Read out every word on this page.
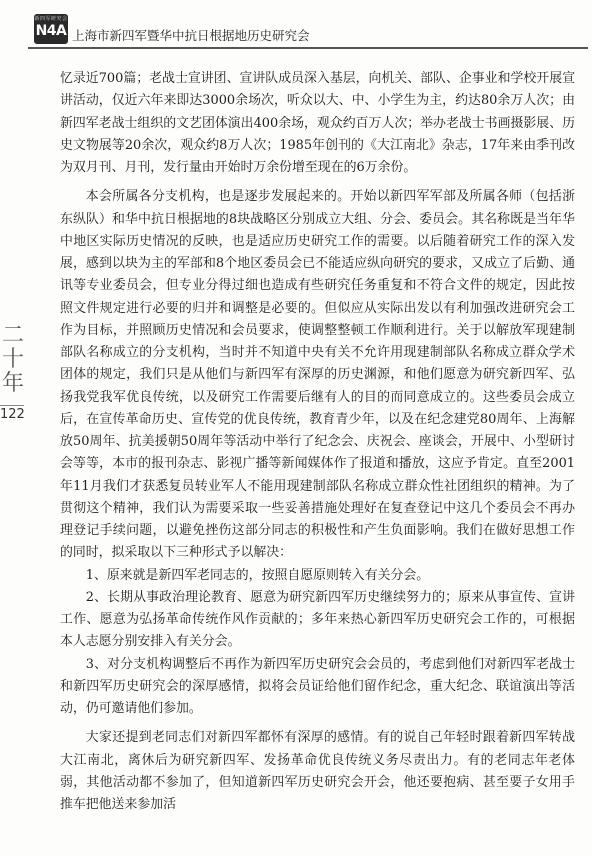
新四军研究会
N4A 上海市新四军暨华中抗日根据地历史研究会
二
十
年
122

忆录近700篇；老战士宣讲团、宣讲队成员深入基层，向机关、部队、企事业和学校开展宣讲活动，仅近六年来即达3000余场次，听众以大、中、小学生为主，约达80余万人次；由新四军老战士组织的文艺团体演出400余场，观众约百万人次；举办老战士书画摄影展、历史文物展等20余次，观众约8万人次；1985年创刊的《大江南北》杂志，17年来由季刊改为双月刊、月刊，发行量由开始时万余份增至现在的6万余份。

本会所属各分支机构，也是逐步发展起来的。开始以新四军军部及所属各师（包括浙东纵队）和华中抗日根据地的8块战略区分别成立大组、分会、委员会。其名称既是当年华中地区实际历史情况的反映，也是适应历史研究工作的需要。以后随着研究工作的深入发展，感到以块为主的军部和8个地区委员会已不能适应纵向研究的要求，又成立了后勤、通讯等专业委员会，但专业分得过细也造成有些研究任务重复和不符合文件的规定，因此按照文件规定进行必要的归并和调整是必要的。但似应从实际出发以有利加强改进研究会工作为目标，并照顾历史情况和会员要求，使调整整顿工作顺利进行。关于以解放军现建制部队名称成立的分支机构，当时并不知道中央有关不允许用现建制部队名称成立群众学术团体的规定，我们只是从他们与新四军有深厚的历史渊源，和他们愿意为研究新四军、弘扬我党我军优良传统，以及研究工作需要后继有人的目的而同意成立的。这些委员会成立后，在宣传革命历史、宣传党的优良传统，教育青少年，以及在纪念建党80周年、上海解放50周年、抗美援朝50周年等活动中举行了纪念会、庆祝会、座谈会，开展中、小型研讨会等等，本市的报刊杂志、影视广播等新闻媒体作了报道和播放，这应予肯定。直至2001年11月我们才获悉复员转业军人不能用现建制部队名称成立群众性社团组织的精神。为了贯彻这个精神，我们认为需要采取一些妥善措施处理好在复查登记中这几个委员会不再办理登记手续问题，以避免挫伤这部分同志的积极性和产生负面影响。我们在做好思想工作的同时，拟采取以下三种形式予以解决：

1、原来就是新四军老同志的，按照自愿原则转入有关分会。

2、长期从事政治理论教育、愿意为研究新四军历史继续努力的；原来从事宣传、宣讲工作、愿意为弘扬革命传统作风作贡献的；多年来热心新四军历史研究会工作的，可根据本人志愿分别安排入有关分会。

3、对分支机构调整后不再作为新四军历史研究会会员的，考虑到他们对新四军老战士和新四军历史研究会的深厚感情，拟将会员证给他们留作纪念，重大纪念、联谊演出等活动，仍可邀请他们参加。

大家还提到老同志们对新四军都怀有深厚的感情。有的说自己年轻时跟着新四军转战大江南北，离休后为研究新四军、发扬革命优良传统义务尽责出力。有的老同志年老体弱，其他活动都不参加了，但知道新四军历史研究会开会，他还要抱病、甚至要子女用手推车把他送来参加活
